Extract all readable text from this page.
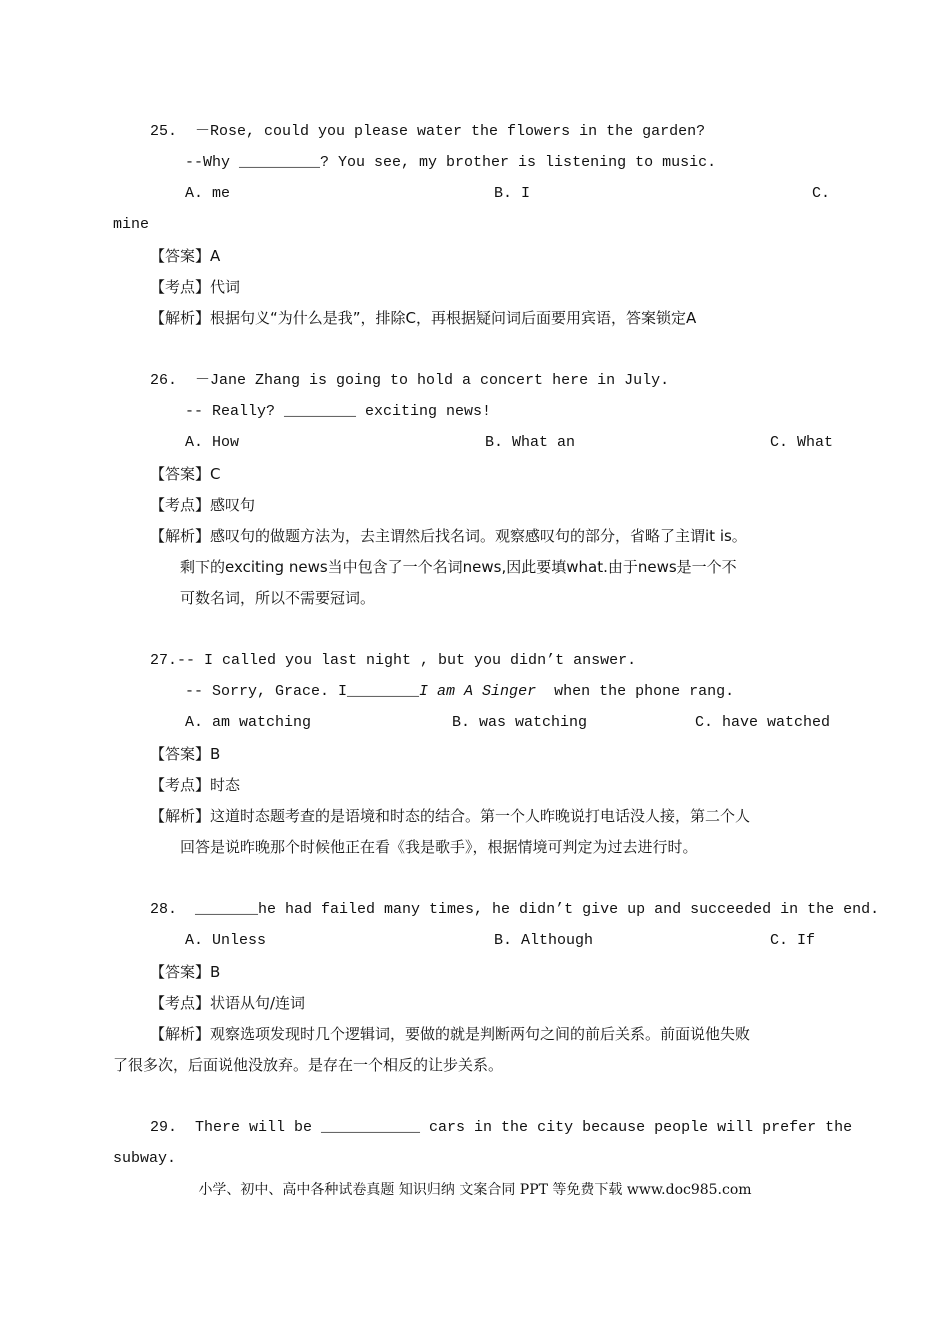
25.  －Rose, could you please water the flowers in the garden?
--Why _________? You see, my brother is listening to music.
A. me	B. I	C.
mine
【答案】A
【考点】代词
【解析】根据句义“为什么是我”，排除C，再根据疑问词后面要用宾语，答案锁定A
26.  －Jane Zhang is going to hold a concert here in July.
-- Really? ________ exciting news!
A. How	B. What an	C. What
【答案】C
【考点】感叹句
【解析】感叹句的做题方法为，去主谓然后找名词。观察感叹句的部分，省略了主谓it is。
剩下的exciting news当中包含了一个名词news,因此要填what.由于news是一个不
可数名词，所以不需要冠词。
27.-- I called you last night , but you didn’t answer.
-- Sorry, Grace. I________I am A Singer  when the phone rang.
A. am watching	B. was watching	C. have watched
【答案】B
【考点】时态
【解析】这道时态题考查的是语境和时态的结合。第一个人昨晚说打电话没人接，第二个人
回答是说昨晚那个时候他正在看《我是歌手》，根据情境可判定为过去进行时。
28.  _______he had failed many times, he didn’t give up and succeeded in the end.
A. Unless	B. Although	C. If
【答案】B
【考点】状语从句/连词
【解析】观察选项发现时几个逻辑词，要做的就是判断两句之间的前后关系。前面说他失败
了很多次，后面说他没放弃。是存在一个相反的让步关系。
29.  There will be ___________ cars in the city because people will prefer the
subway.
小学、初中、高中各种试卷真题 知识归纳 文案合同 PPT 等免费下载 www.doc985.com
